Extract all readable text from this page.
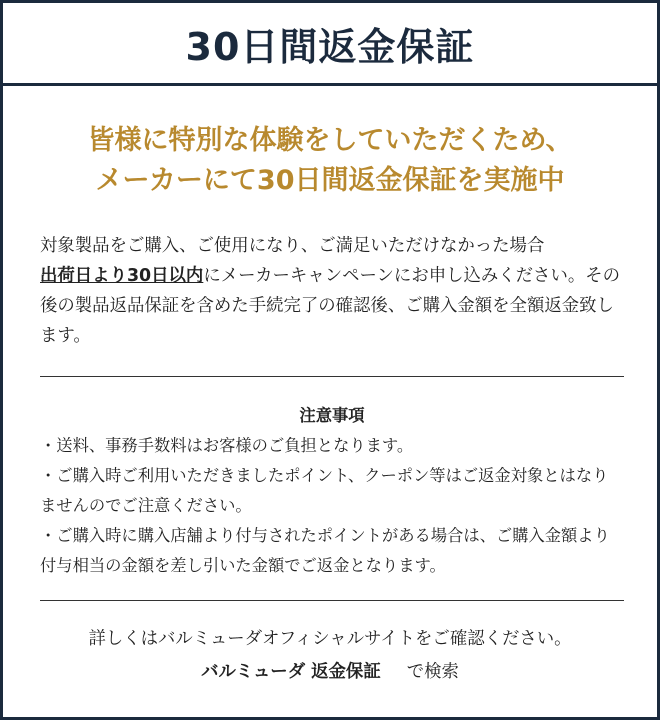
30日間返金保証
皆様に特別な体験をしていただくため、
メーカーにて30日間返金保証を実施中

対象製品をご購入、ご使用になり、ご満足いただけなかった場合
出荷日より30日以内にメーカーキャンペーンにお申し込みください。その後の製品返品保証を含めた手続完了の確認後、ご購入金額を全額返金致します。

注意事項
・送料、事務手数料はお客様のご負担となります。
・ご購入時ご利用いただきましたポイント、クーポン等はご返金対象とはなりませんのでご注意ください。
・ご購入時に購入店舗より付与されたポイントがある場合は、ご購入金額より付与相当の金額を差し引いた金額でご返金となります。
詳しくはバルミューダオフィシャルサイトをご確認ください。
バルミューダ 返金保証 で検索
